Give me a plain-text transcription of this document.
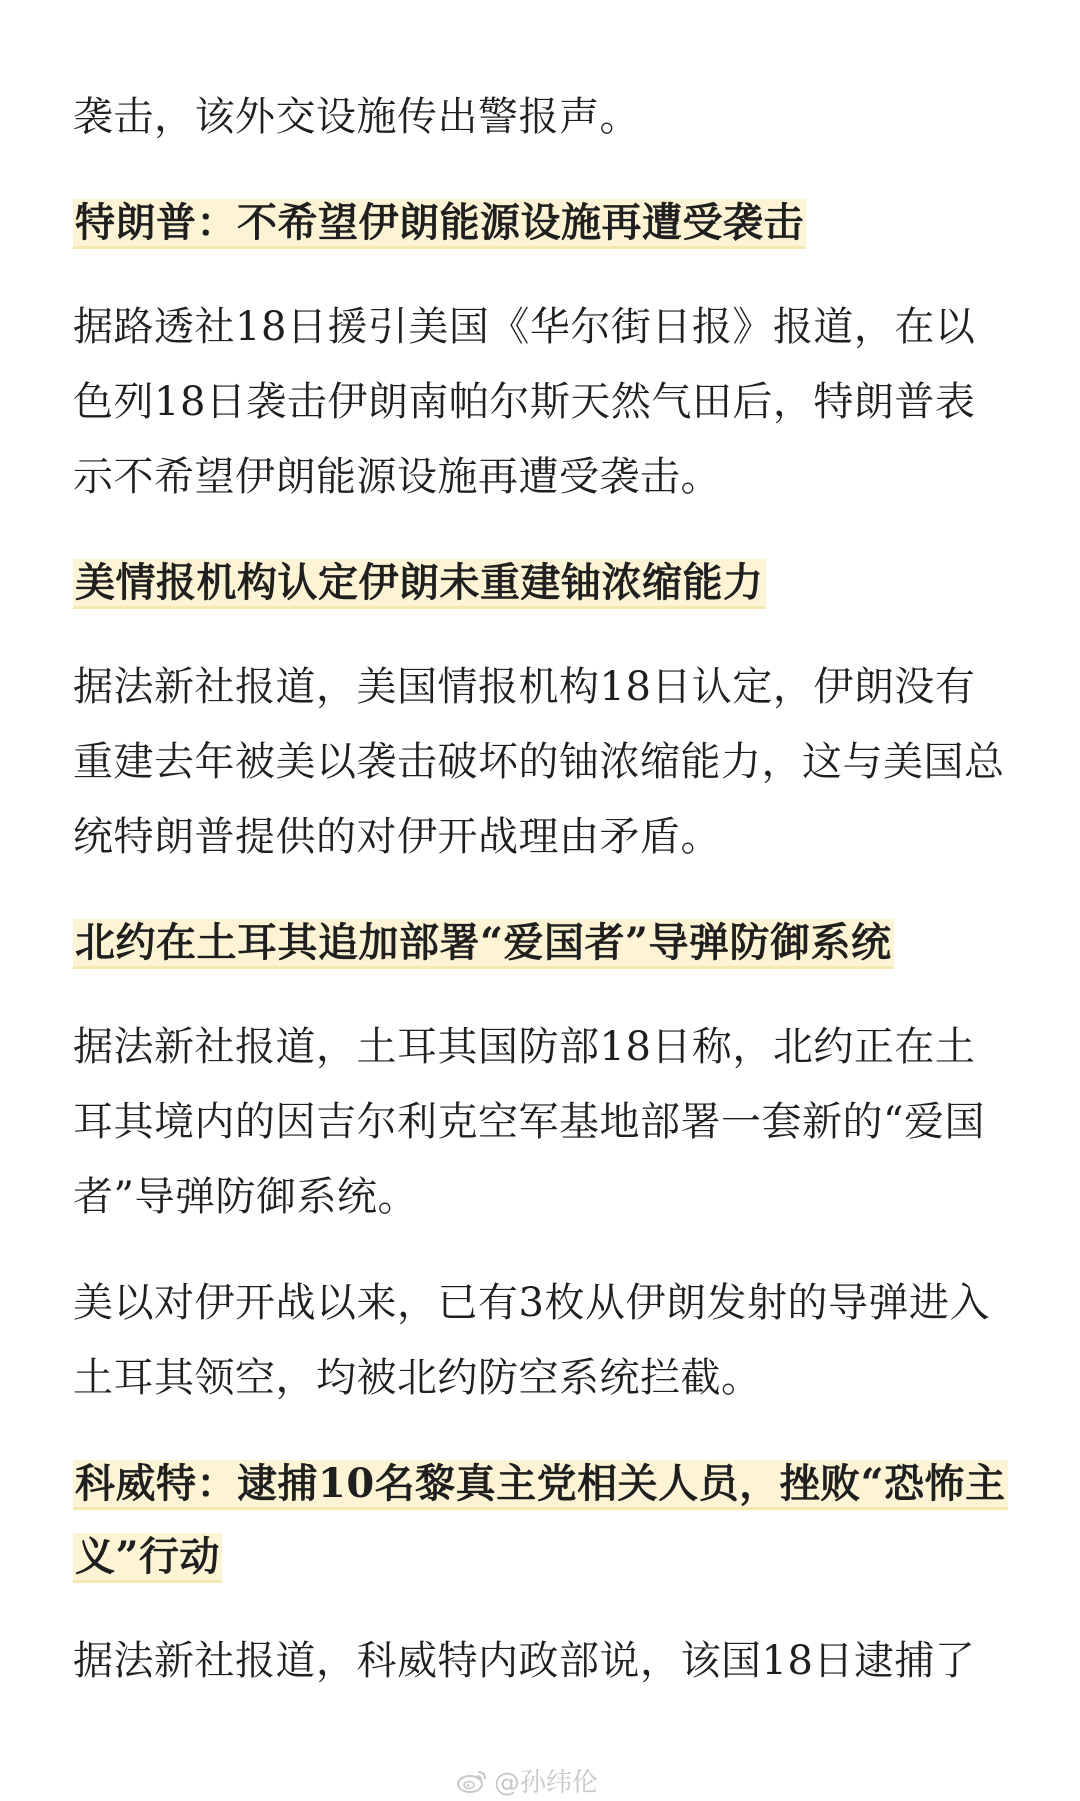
袭击，该外交设施传出警报声。

特朗普：不希望伊朗能源设施再遭受袭击

据路透社18日援引美国《华尔街日报》报道，在以色列18日袭击伊朗南帕尔斯天然气田后，特朗普表示不希望伊朗能源设施再遭受袭击。

美情报机构认定伊朗未重建铀浓缩能力

据法新社报道，美国情报机构18日认定，伊朗没有重建去年被美以袭击破坏的铀浓缩能力，这与美国总统特朗普提供的对伊开战理由矛盾。

北约在土耳其追加部署“爱国者”导弹防御系统

据法新社报道，土耳其国防部18日称，北约正在土耳其境内的因吉尔利克空军基地部署一套新的“爱国者”导弹防御系统。

美以对伊开战以来，已有3枚从伊朗发射的导弹进入土耳其领空，均被北约防空系统拦截。

科威特：逮捕10名黎真主党相关人员，挫败“恐怖主义”行动

据法新社报道，科威特内政部说，该国18日逮捕了

@孙纬伦
